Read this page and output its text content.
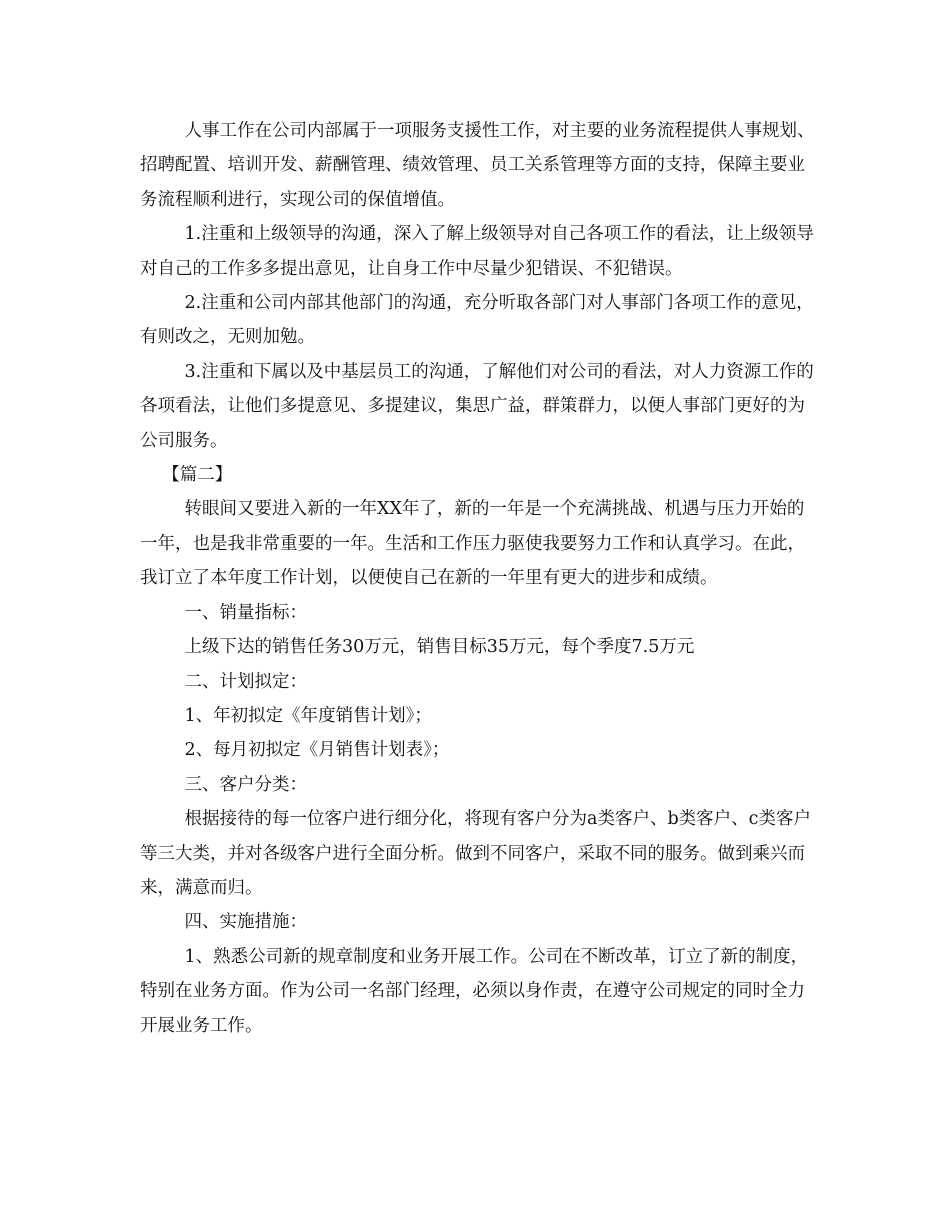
人事工作在公司内部属于一项服务支援性工作，对主要的业务流程提供人事规划、招聘配置、培训开发、薪酬管理、绩效管理、员工关系管理等方面的支持，保障主要业务流程顺利进行，实现公司的保值增值。

1.注重和上级领导的沟通，深入了解上级领导对自己各项工作的看法，让上级领导对自己的工作多多提出意见，让自身工作中尽量少犯错误、不犯错误。

2.注重和公司内部其他部门的沟通，充分听取各部门对人事部门各项工作的意见，有则改之，无则加勉。

3.注重和下属以及中基层员工的沟通，了解他们对公司的看法，对人力资源工作的各项看法，让他们多提意见、多提建议，集思广益，群策群力，以便人事部门更好的为公司服务。

【篇二】

转眼间又要进入新的一年XX年了，新的一年是一个充满挑战、机遇与压力开始的一年，也是我非常重要的一年。生活和工作压力驱使我要努力工作和认真学习。在此，我订立了本年度工作计划，以便使自己在新的一年里有更大的进步和成绩。

一、销量指标：

上级下达的销售任务30万元，销售目标35万元，每个季度7.5万元

二、计划拟定：

1、年初拟定《年度销售计划》；

2、每月初拟定《月销售计划表》；

三、客户分类：

根据接待的每一位客户进行细分化，将现有客户分为a类客户、b类客户、c类客户等三大类，并对各级客户进行全面分析。做到不同客户，采取不同的服务。做到乘兴而来，满意而归。

四、实施措施：

1、熟悉公司新的规章制度和业务开展工作。公司在不断改革，订立了新的制度，特别在业务方面。作为公司一名部门经理，必须以身作责，在遵守公司规定的同时全力开展业务工作。
